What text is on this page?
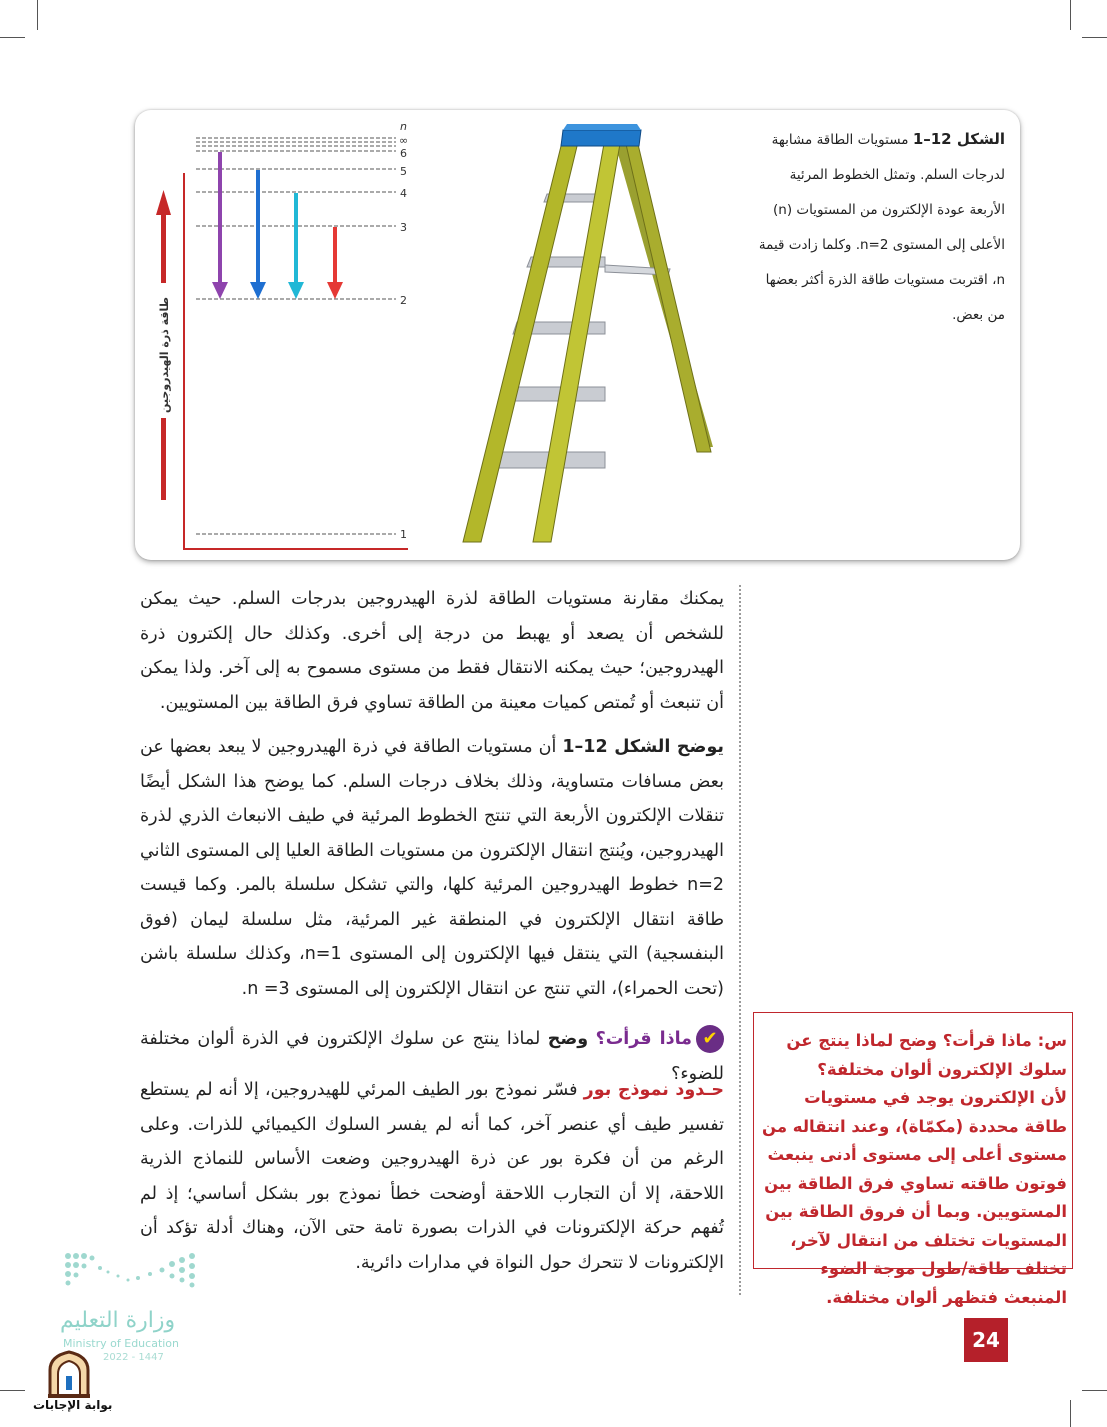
طاقة ذرة الهيدروجين
n
∞
6
5
4
3
2
1
الشكل 12–1 مستويات الطاقة مشابهة لدرجات السلم. وتمثل الخطوط المرئية الأربعة عودة الإلكترون من المستويات (n) الأعلى إلى المستوى n=2. وكلما زادت قيمة n، اقتربت مستويات طاقة الذرة أكثر بعضها من بعض.

يمكنك مقارنة مستويات الطاقة لذرة الهيدروجين بدرجات السلم. حيث يمكن للشخص أن يصعد أو يهبط من درجة إلى أخرى. وكذلك حال إلكترون ذرة الهيدروجين؛ حيث يمكنه الانتقال فقط من مستوى مسموح به إلى آخر. ولذا يمكن أن تنبعث أو تُمتص كميات معينة من الطاقة تساوي فرق الطاقة بين المستويين.

يوضح الشكل 12–1 أن مستويات الطاقة في ذرة الهيدروجين لا يبعد بعضها عن بعض مسافات متساوية، وذلك بخلاف درجات السلم. كما يوضح هذا الشكل أيضًا تنقلات الإلكترون الأربعة التي تنتج الخطوط المرئية في طيف الانبعاث الذري لذرة الهيدروجين، ويُنتج انتقال الإلكترون من مستويات الطاقة العليا إلى المستوى الثاني n=2 خطوط الهيدروجين المرئية كلها، والتي تشكل سلسلة بالمر. وكما قيست طاقة انتقال الإلكترون في المنطقة غير المرئية، مثل سلسلة ليمان (فوق البنفسجية) التي ينتقل فيها الإلكترون إلى المستوى n=1، وكذلك سلسلة باشن (تحت الحمراء)، التي تنتج عن انتقال الإلكترون إلى المستوى n =3.

✔ماذا قرأت؟ وضح لماذا ينتج عن سلوك الإلكترون في الذرة ألوان مختلفة للضوء؟

حـدود نموذج بور فسّر نموذج بور الطيف المرئي للهيدروجين، إلا أنه لم يستطع تفسير طيف أي عنصر آخر، كما أنه لم يفسر السلوك الكيميائي للذرات. وعلى الرغم من أن فكرة بور عن ذرة الهيدروجين وضعت الأساس للنماذج الذرية اللاحقة، إلا أن التجارب اللاحقة أوضحت خطأ نموذج بور بشكل أساسي؛ إذ لم تُفهم حركة الإلكترونات في الذرات بصورة تامة حتى الآن، وهناك أدلة تؤكد أن الإلكترونات لا تتحرك حول النواة في مدارات دائرية.

س: ماذا قرأت؟ وضح لماذا ينتج عن سلوك الإلكترون ألوان مختلفة؟

لأن الإلكترون يوجد في مستويات طاقة محددة (مكمّاة)، وعند انتقاله من مستوى أعلى إلى مستوى أدنى ينبعث فوتون طاقته تساوي فرق الطاقة بين المستويين. وبما أن فروق الطاقة بين المستويات تختلف من انتقال لآخر، تختلف طاقة/طول موجة الضوء المنبعث فتظهر ألوان مختلفة.

24
وزارة التعليم
Ministry of Education
2022 - 1447
بوابة الإجابات
